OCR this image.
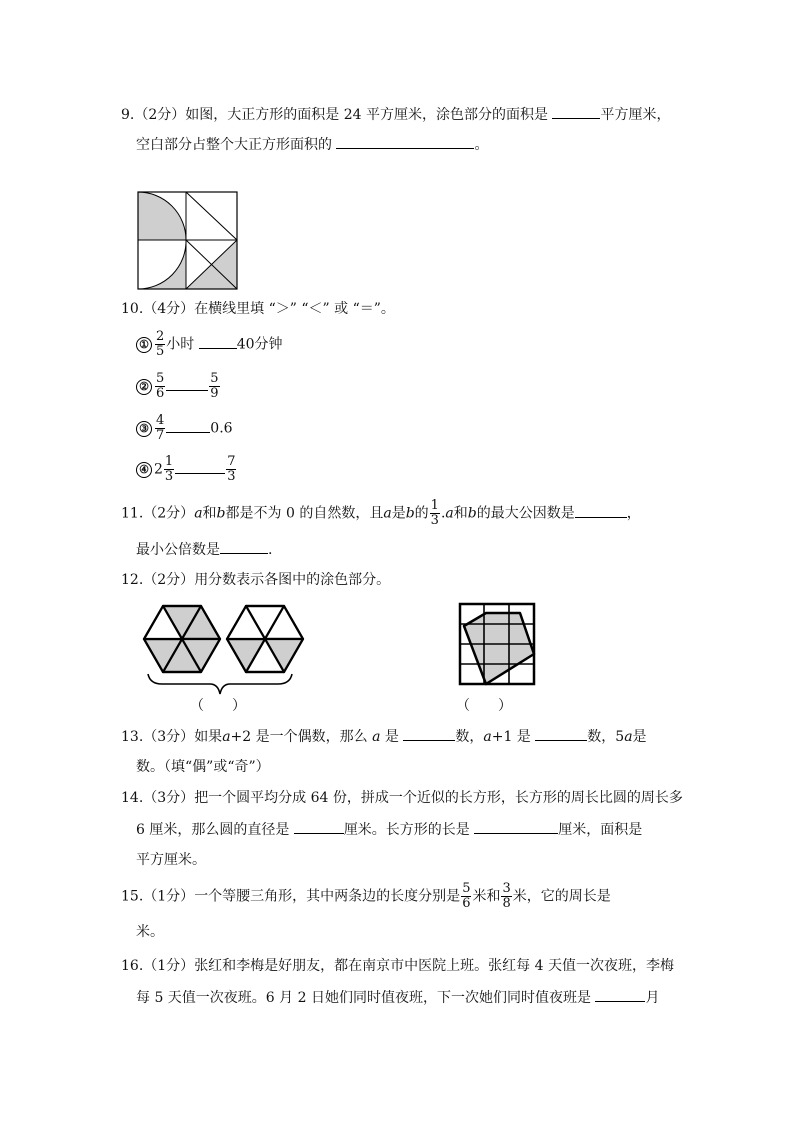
9.（2分）如图，大正方形的面积是 24 平方厘米，涂色部分的面积是	平方厘米，
空白部分占整个大正方形面积的	。
10.（4分）在横线里填 “＞” “＜” 或 “＝”。
① $\frac{2}{5}$ 小时	40分钟
② $\frac{5}{6}$	$\frac{5}{9}$
③ $\frac{4}{7}$	0.6
④ $2 \frac{1}{3}$	$\frac{7}{3}$
11.（2分）a和b都是不为 0 的自然数，且a是b的 $\frac{1}{3} .a$和b的最大公因数是	，
最小公倍数是	.
12.（2分）用分数表示各图中的涂色部分。
（　　）	（　　）
13.（3分）如果a+2 是一个偶数，那么 a 是	数，a+1 是	数，5a是
数。（填“偶”或“奇”）
14.（3分）把一个圆平均分成 64 份，拼成一个近似的长方形，长方形的周长比圆的周长多
6 厘米，那么圆的直径是	厘米。长方形的长是	厘米，面积是
平方厘米。
15.（1分）一个等腰三角形，其中两条边的长度分别是 $\frac{5}{6}$ 米和 $\frac{3}{8}$ 米，它的周长是
米。
16.（1分）张红和李梅是好朋友，都在南京市中医院上班。张红每 4 天值一次夜班，李梅
每 5 天值一次夜班。6 月 2 日她们同时值夜班，下一次她们同时值夜班是	月
